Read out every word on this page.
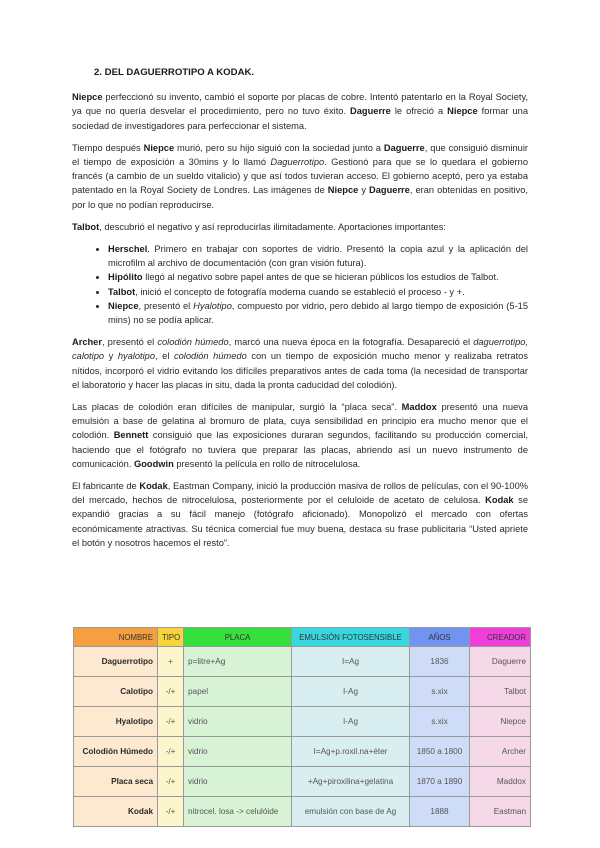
2. DEL DAGUERROTIPO A KODAK.

Niepce perfeccionó su invento, cambió el soporte por placas de cobre. Intentó patentarlo en la Royal Society, ya que no quería desvelar el procedimiento, pero no tuvo éxito. Daguerre le ofreció a Niepce formar una sociedad de investigadores para perfeccionar el sistema.

Tiempo después Niepce murió, pero su hijo siguió con la sociedad junto a Daguerre, que consiguió disminuir el tiempo de exposición a 30mins y lo llamó Daguerrotipo. Gestionó para que se lo quedara el gobierno francés (a cambio de un sueldo vitalicio) y que así todos tuvieran acceso. El gobierno aceptó, pero ya estaba patentado en la Royal Society de Londres. Las imágenes de Niepce y Daguerre, eran obtenidas en positivo, por lo que no podían reproducirse.

Talbot, descubrió el negativo y así reproducirlas ilimitadamente. Aportaciones importantes:

• Herschel. Primero en trabajar con soportes de vidrio. Presentó la copia azul y la aplicación del microfilm al archivo de documentación (con gran visión futura).
• Hipólito llegó al negativo sobre papel antes de que se hicieran públicos los estudios de Talbot.
• Talbot, inició el concepto de fotografía moderna cuando se estableció el proceso - y +.
• Niepce, presentó el Hyalotipo, compuesto por vidrio, pero debido al largo tiempo de exposición (5-15 mins) no se podía aplicar.

Archer, presentó el colodión húmedo, marcó una nueva época en la fotografía. Desapareció el daguerrotipo, calotipo y hyalotipo, el colodión húmedo con un tiempo de exposición mucho menor y realizaba retratos nítidos, incorporó el vidrio evitando los difíciles preparativos antes de cada toma (la necesidad de transportar el laboratorio y hacer las placas in situ, dada la pronta caducidad del colodión).

Las placas de colodión eran difíciles de manipular, surgió la “placa seca”. Maddox presentó una nueva emulsión a base de gelatina al bromuro de plata, cuya sensibilidad en principio era mucho menor que el colodión. Bennett consiguió que las exposiciones duraran segundos, facilitando su producción comercial, haciendo que el fotógrafo no tuviera que preparar las placas, abriendo así un nuevo instrumento de comunicación. Goodwin presentó la película en rollo de nitrocelulosa.

El fabricante de Kodak, Eastman Company, inició la producción masiva de rollos de películas, con el 90-100% del mercado, hechos de nitrocelulosa, posteriormente por el celuloide de acetato de celulosa. Kodak se expandió gracias a su fácil manejo (fotógrafo aficionado). Monopolizó el mercado con ofertas económicamente atractivas. Su técnica comercial fue muy buena, destaca su frase publicitaria “Usted apriete el botón y nosotros hacemos el resto”.

NOMBRE	TIPO	PLACA	EMULSIÓN FOTOSENSIBLE	AÑOS	CREADOR
Daguerrotipo	+	p=litre+Ag	I=Ag	1836	Daguerre
Calotipo	-/+	papel	I-Ag	s.xix	Talbot
Hyalotipo	-/+	vidrio	I-Ag	s.xix	Niepce
Colodión Húmedo	-/+	vidrio	I=Ag+p.roxil.na+éter	1850 a 1800	Archer
Placa seca	-/+	vidrio	+Ag+piroxilina+gelatina	1870 a 1890	Maddox
Kodak	-/+	nitrocel. losa -> celulóide	emulsión con base de Ag	1888	Eastman
